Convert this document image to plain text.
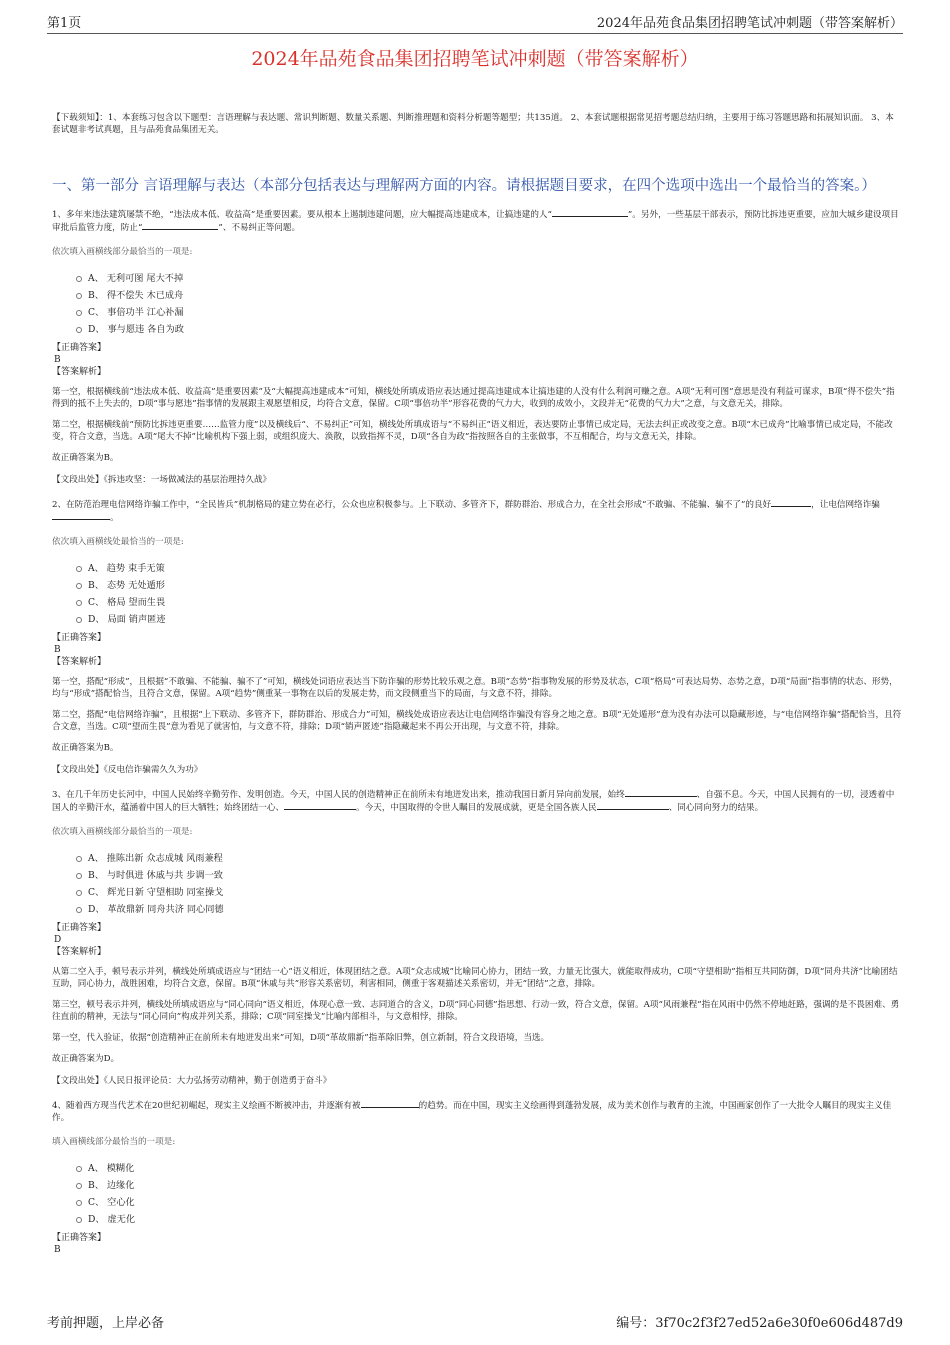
第1页	2024年品苑食品集团招聘笔试冲刺题（带答案解析）
2024年品苑食品集团招聘笔试冲刺题（带答案解析）
【下载须知】：1、本套练习包含以下题型：言语理解与表达题、常识判断题、数量关系题、判断推理题和资料分析题等题型；共135道。 2、本套试题根据常见招考题总结归纳，主要用于练习答题思路和拓展知识面。 3、本套试题非考试真题，且与品苑食品集团无关。
一、第一部分 言语理解与表达（本部分包括表达与理解两方面的内容。请根据题目要求，在四个选项中选出一个最恰当的答案。）
1、多年来违法建筑屡禁不绝，“违法成本低、收益高”是重要因素。要从根本上遏制违建问题，应大幅提高违建成本，让搞违建的人“	”。另外，一些基层干部表示，预防比拆违更重要，应加大城乡建设项目审批后监管力度，防止“	”、不易纠正等问题。
依次填入画横线部分最恰当的一项是:
A、 无利可图 尾大不掉
B、 得不偿失 木已成舟
C、 事倍功半 江心补漏
D、 事与愿违 各自为政
【正确答案】
B
【答案解析】
第一空，根据横线前“违法成本低、收益高”是重要因素”及“大幅提高违建成本”可知，横线处所填成语应表达通过提高违建成本让搞违建的人没有什么利润可赚之意。A项“无利可图”意思是没有利益可谋求，B项“得不偿失”指得到的抵不上失去的，D项“事与愿违”指事情的发展跟主观愿望相反，均符合文意，保留。C项“事倍功半”形容花费的气力大，收到的成效小，文段并无“花费的气力大”之意，与文意无关，排除。
第二空，根据横线前“预防比拆违更重要……监管力度”以及横线后“、不易纠正”可知，横线处所填成语与“不易纠正”语义相近，表达要防止事情已成定局，无法去纠正或改变之意。B项“木已成舟”比喻事情已成定局，不能改变，符合文意，当选。A项“尾大不掉”比喻机构下强上弱，或组织庞大、涣散，以致指挥不灵，D项“各自为政”指按照各自的主张做事，不互相配合，均与文意无关，排除。
故正确答案为B。
【文段出处】《拆违攻坚：一场做减法的基层治理持久战》
2、在防范治理电信网络诈骗工作中，“全民皆兵”机制格局的建立势在必行，公众也应积极参与。上下联动、多管齐下，群防群治、形成合力，在全社会形成“不敢骗、不能骗、骗不了”的良好	，让电信网络诈骗。
依次填入画横线处最恰当的一项是:
A、 趋势 束手无策
B、 态势 无处遁形
C、 格局 望而生畏
D、 局面 销声匿迹
【正确答案】
B
【答案解析】
第一空，搭配“形成”，且根据“不敢骗、不能骗、骗不了”可知，横线处词语应表达当下防诈骗的形势比较乐观之意。B项“态势”指事物发展的形势及状态，C项“格局”可表达局势、态势之意，D项“局面”指事情的状态、形势，均与“形成”搭配恰当，且符合文意，保留。A项“趋势”侧重某一事物在以后的发展走势，而文段侧重当下的局面，与文意不符，排除。
第二空，搭配“电信网络诈骗”，且根据“上下联动、多管齐下，群防群治、形成合力”可知，横线处成语应表达让电信网络诈骗没有容身之地之意。B项“无处遁形”意为没有办法可以隐藏形迹，与“电信网络诈骗”搭配恰当，且符合文意，当选。C项“望而生畏”意为看见了就害怕，与文意不符，排除；D项“销声匿迹”指隐藏起来不再公开出现，与文意不符，排除。
故正确答案为B。
【文段出处】《反电信诈骗需久久为功》
3、在几千年历史长河中，中国人民始终辛勤劳作、发明创造。今天，中国人民的创造精神正在前所未有地迸发出来，推动我国日新月异向前发展，始终	、自强不息。今天，中国人民拥有的一切，浸透着中国人的辛勤汗水，蕴涵着中国人的巨大牺牲；始终团结一心、	。今天，中国取得的令世人瞩目的发展成就，更是全国各族人民	、同心同向努力的结果。
依次填入画横线部分最恰当的一项是:
A、 推陈出新 众志成城 风雨兼程
B、 与时俱进 休戚与共 步调一致
C、 辉光日新 守望相助 同室操戈
D、 革故鼎新 同舟共济 同心同德
【正确答案】
D
【答案解析】
从第二空入手，顿号表示并列，横线处所填成语应与“团结一心”语义相近，体现团结之意。A项“众志成城”比喻同心协力，团结一致，力量无比强大，就能取得成功，C项“守望相助”指相互共同防御，D项“同舟共济”比喻团结互助，同心协力，战胜困难，均符合文意，保留。B项“休戚与共”形容关系密切，利害相同，侧重于客观描述关系密切，并无“团结”之意，排除。
第三空，顿号表示并列，横线处所填成语应与“同心同向”语义相近，体现心意一致、志同道合的含义，D项“同心同德”指思想、行动一致，符合文意，保留。A项“风雨兼程”指在风雨中仍然不停地赶路，强调的是不畏困难、勇往直前的精神，无法与“同心同向”构成并列关系，排除；C项“同室操戈”比喻内部相斗，与文意相悖，排除。
第一空，代入验证，依据“创造精神正在前所未有地迸发出来”可知，D项“革故鼎新”指革除旧弊，创立新制，符合文段语境，当选。
故正确答案为D。
【文段出处】《人民日报评论员：大力弘扬劳动精神，勤于创造勇于奋斗》
4、随着西方现当代艺术在20世纪初崛起，现实主义绘画不断被冲击，并逐渐有被	的趋势。而在中国，现实主义绘画得到蓬勃发展，成为美术创作与教育的主流，中国画家创作了一大批令人瞩目的现实主义佳作。
填入画横线部分最恰当的一项是:
A、 模糊化
B、 边缘化
C、 空心化
D、 虚无化
【正确答案】
B
考前押题，上岸必备	编号：3f70c2f3f27ed52a6e30f0e606d487d9
